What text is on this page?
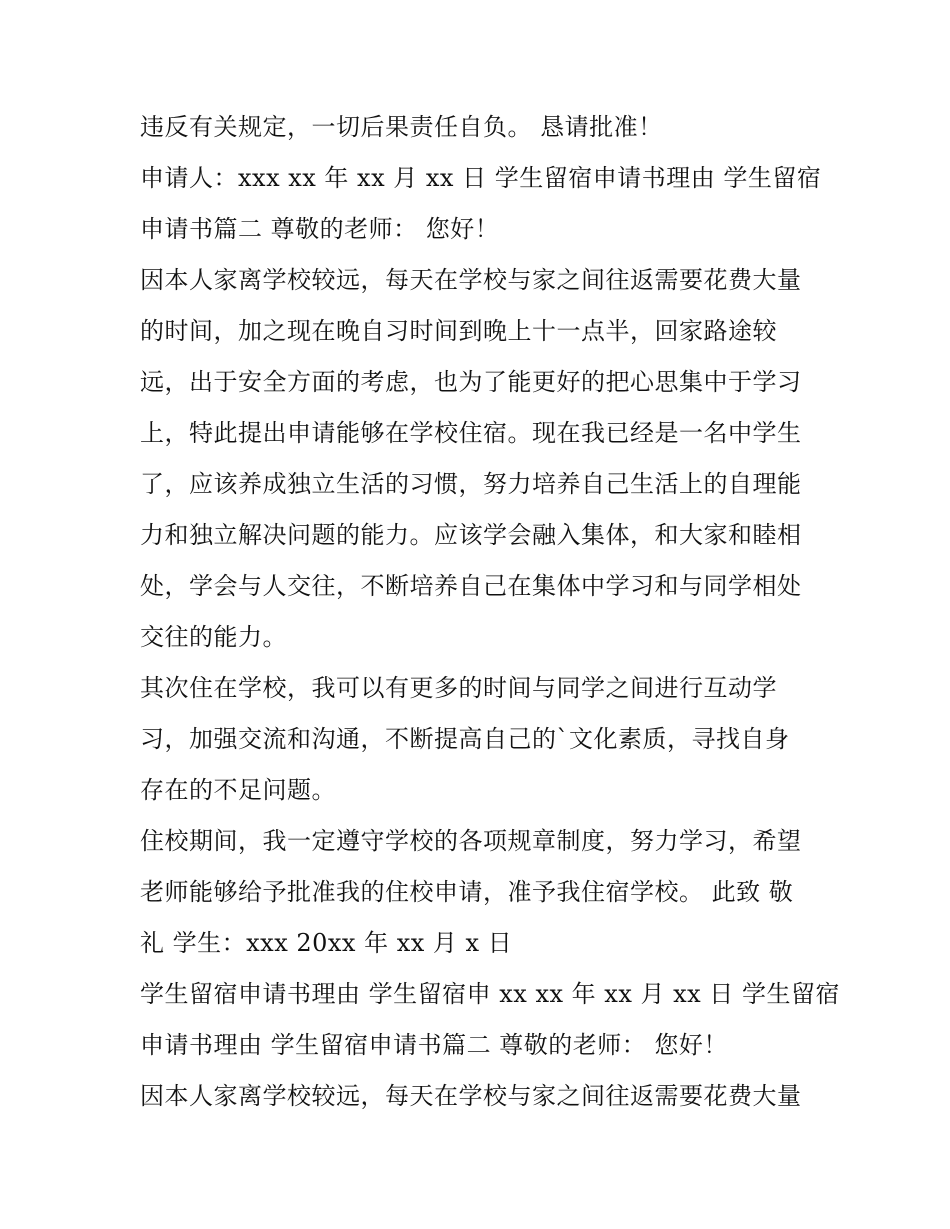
违反有关规定，一切后果责任自负。 恳请批准！
申请人：xxx xx 年 xx 月 xx 日 学生留宿申请书理由 学生留宿
申请书篇二 尊敬的老师： 您好！
因本人家离学校较远，每天在学校与家之间往返需要花费大量
的时间，加之现在晚自习时间到晚上十一点半，回家路途较
远，出于安全方面的考虑，也为了能更好的把心思集中于学习
上，特此提出申请能够在学校住宿。现在我已经是一名中学生
了，应该养成独立生活的习惯，努力培养自己生活上的自理能
力和独立解决问题的能力。应该学会融入集体，和大家和睦相
处，学会与人交往，不断培养自己在集体中学习和与同学相处
交往的能力。
其次住在学校，我可以有更多的时间与同学之间进行互动学
习，加强交流和沟通，不断提高自己的`文化素质，寻找自身
存在的不足问题。
住校期间，我一定遵守学校的各项规章制度，努力学习，希望
老师能够给予批准我的住校申请，准予我住宿学校。 此致 敬
礼 学生：xxx 20xx 年 xx 月 x 日
学生留宿申请书理由 学生留宿申 xx xx 年 xx 月 xx 日 学生留宿
申请书理由 学生留宿申请书篇二 尊敬的老师： 您好！
因本人家离学校较远，每天在学校与家之间往返需要花费大量
